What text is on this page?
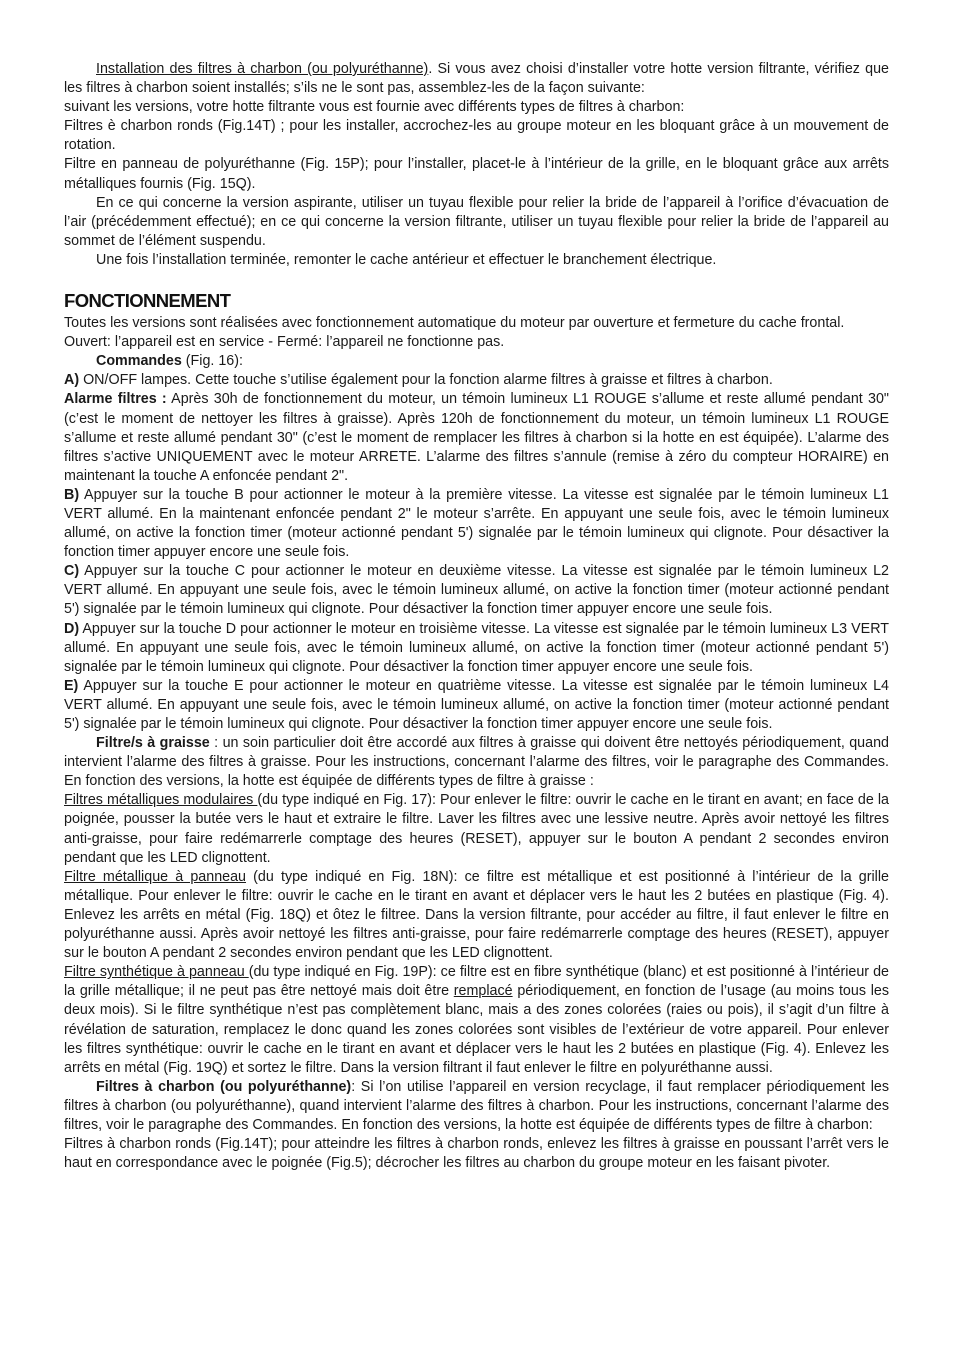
Installation des filtres à charbon (ou polyuréthanne). Si vous avez choisi d’installer votre hotte version filtrante, vérifiez que les filtres à charbon soient installés; s’ils ne le sont pas, assemblez-les de la façon suivante:

suivant les versions, votre hotte filtrante vous est fournie avec différents types de filtres à charbon:

Filtres è charbon ronds (Fig.14T) ; pour les installer, accrochez-les au groupe moteur en les bloquant grâce à un mouvement de rotation.

Filtre en panneau de polyuréthanne (Fig. 15P); pour l’installer, placet-le à l’intérieur de la grille, en le bloquant grâce aux arrêts métalliques fournis (Fig. 15Q).

En ce qui concerne la version aspirante, utiliser un tuyau flexible pour relier la bride de l’appareil à l’orifice d’évacuation de l’air (précédemment effectué); en ce qui concerne la version filtrante, utiliser un tuyau flexible pour relier la bride de l’appareil au sommet de l’élément suspendu.

Une fois l’installation terminée, remonter le cache antérieur et effectuer le branchement électrique.

FONCTIONNEMENT

Toutes les versions sont réalisées avec fonctionnement automatique du moteur par ouverture et fermeture du cache frontal.

Ouvert: l’appareil est en service - Fermé: l’appareil ne fonctionne pas.

Commandes (Fig. 16):

A) ON/OFF lampes. Cette touche s’utilise également pour la fonction alarme filtres à graisse et filtres à charbon.

Alarme filtres : Après 30h de fonctionnement du moteur, un témoin lumineux L1 ROUGE s’allume et reste allumé pendant 30" (c’est le moment de nettoyer les filtres à graisse). Après 120h de fonctionnement du moteur, un témoin lumineux L1 ROUGE s’allume et reste allumé pendant 30" (c’est le moment de remplacer les filtres à charbon si la hotte en est équipée). L’alarme des filtres s’active UNIQUEMENT avec le moteur ARRETE. L’alarme des filtres s’annule (remise à zéro du compteur HORAIRE) en maintenant la touche A enfoncée pendant 2".

B) Appuyer sur la touche B pour actionner le moteur à la première vitesse. La vitesse est signalée par le témoin lumineux L1 VERT allumé. En la maintenant enfoncée pendant 2" le moteur s’arrête. En appuyant une seule fois, avec le témoin lumineux allumé, on active la fonction timer (moteur actionné pendant 5') signalée par le témoin lumineux qui clignote. Pour désactiver la fonction timer appuyer encore une seule fois.

C) Appuyer sur la touche C pour actionner le moteur en deuxième vitesse. La vitesse est signalée par le témoin lumineux L2 VERT allumé. En appuyant une seule fois, avec le témoin lumineux allumé, on active la fonction timer (moteur actionné pendant 5') signalée par le témoin lumineux qui clignote. Pour désactiver la fonction timer appuyer encore une seule fois.

D) Appuyer sur la touche D pour actionner le moteur en troisième vitesse. La vitesse est signalée par le témoin lumineux L3 VERT allumé. En appuyant une seule fois, avec le témoin lumineux allumé, on active la fonction timer (moteur actionné pendant 5') signalée par le témoin lumineux qui clignote. Pour désactiver la fonction timer appuyer encore une seule fois.

E) Appuyer sur la touche E pour actionner le moteur en quatrième vitesse. La vitesse est signalée par le témoin lumineux L4 VERT allumé. En appuyant une seule fois, avec le témoin lumineux allumé, on active la fonction timer (moteur actionné pendant 5') signalée par le témoin lumineux qui clignote. Pour désactiver la fonction timer appuyer encore une seule fois.

Filtre/s à graisse : un soin particulier doit être accordé aux filtres à graisse qui doivent être nettoyés périodiquement, quand intervient l’alarme des filtres à graisse. Pour les instructions, concernant l’alarme des filtres, voir le paragraphe des Commandes. En fonction des versions, la hotte est équipée de différents types de filtre à graisse :

Filtres métalliques modulaires (du type indiqué en Fig. 17): Pour enlever le filtre: ouvrir le cache en le tirant en avant; en face de la poignée, pousser la butée vers le haut et extraire le filtre. Laver les filtres avec une lessive neutre. Après avoir nettoyé les filtres anti-graisse, pour faire redémarrerle comptage des heures (RESET), appuyer sur le bouton A pendant 2 secondes environ pendant que les LED clignottent.

Filtre métallique à panneau (du type indiqué en Fig. 18N): ce filtre est métallique et est positionné à l’intérieur de la grille métallique. Pour enlever le filtre: ouvrir le cache en le tirant en avant et déplacer vers le haut les 2 butées en plastique (Fig. 4). Enlevez les arrêts en métal (Fig. 18Q) et ôtez le filtree. Dans la version filtrante, pour accéder au filtre, il faut enlever le filtre en polyuréthanne aussi. Après avoir nettoyé les filtres anti-graisse, pour faire redémarrerle comptage des heures (RESET), appuyer sur le bouton A pendant 2 secondes environ pendant que les LED clignottent.

Filtre synthétique à panneau (du type indiqué en Fig. 19P): ce filtre est en fibre synthétique (blanc) et est positionné à l’intérieur de la grille métallique; il ne peut pas être nettoyé mais doit être remplacé périodiquement, en fonction de l’usage (au moins tous les deux mois). Si le filtre synthétique n’est pas complètement blanc, mais a des zones colorées (raies ou pois), il s’agit d’un filtre à révélation de saturation, remplacez le donc quand les zones colorées sont visibles de l’extérieur de votre appareil. Pour enlever les filtres synthétique: ouvrir le cache en le tirant en avant et déplacer vers le haut les 2 butées en plastique (Fig. 4). Enlevez les arrêts en métal (Fig. 19Q) et sortez le filtre. Dans la version filtrant il faut enlever le filtre en polyuréthanne aussi.

Filtres à charbon (ou polyuréthanne): Si l’on utilise l’appareil en version recyclage, il faut remplacer périodiquement les filtres à charbon (ou polyuréthanne), quand intervient l’alarme des filtres à charbon. Pour les instructions, concernant l’alarme des filtres, voir le paragraphe des Commandes. En fonction des versions, la hotte est équipée de différents types de filtre à charbon:

Filtres à charbon ronds (Fig.14T); pour atteindre les filtres à charbon ronds, enlevez les filtres à graisse en poussant l’arrêt vers le haut en correspondance avec le poignée (Fig.5); décrocher les filtres au charbon du groupe moteur en les faisant pivoter.
